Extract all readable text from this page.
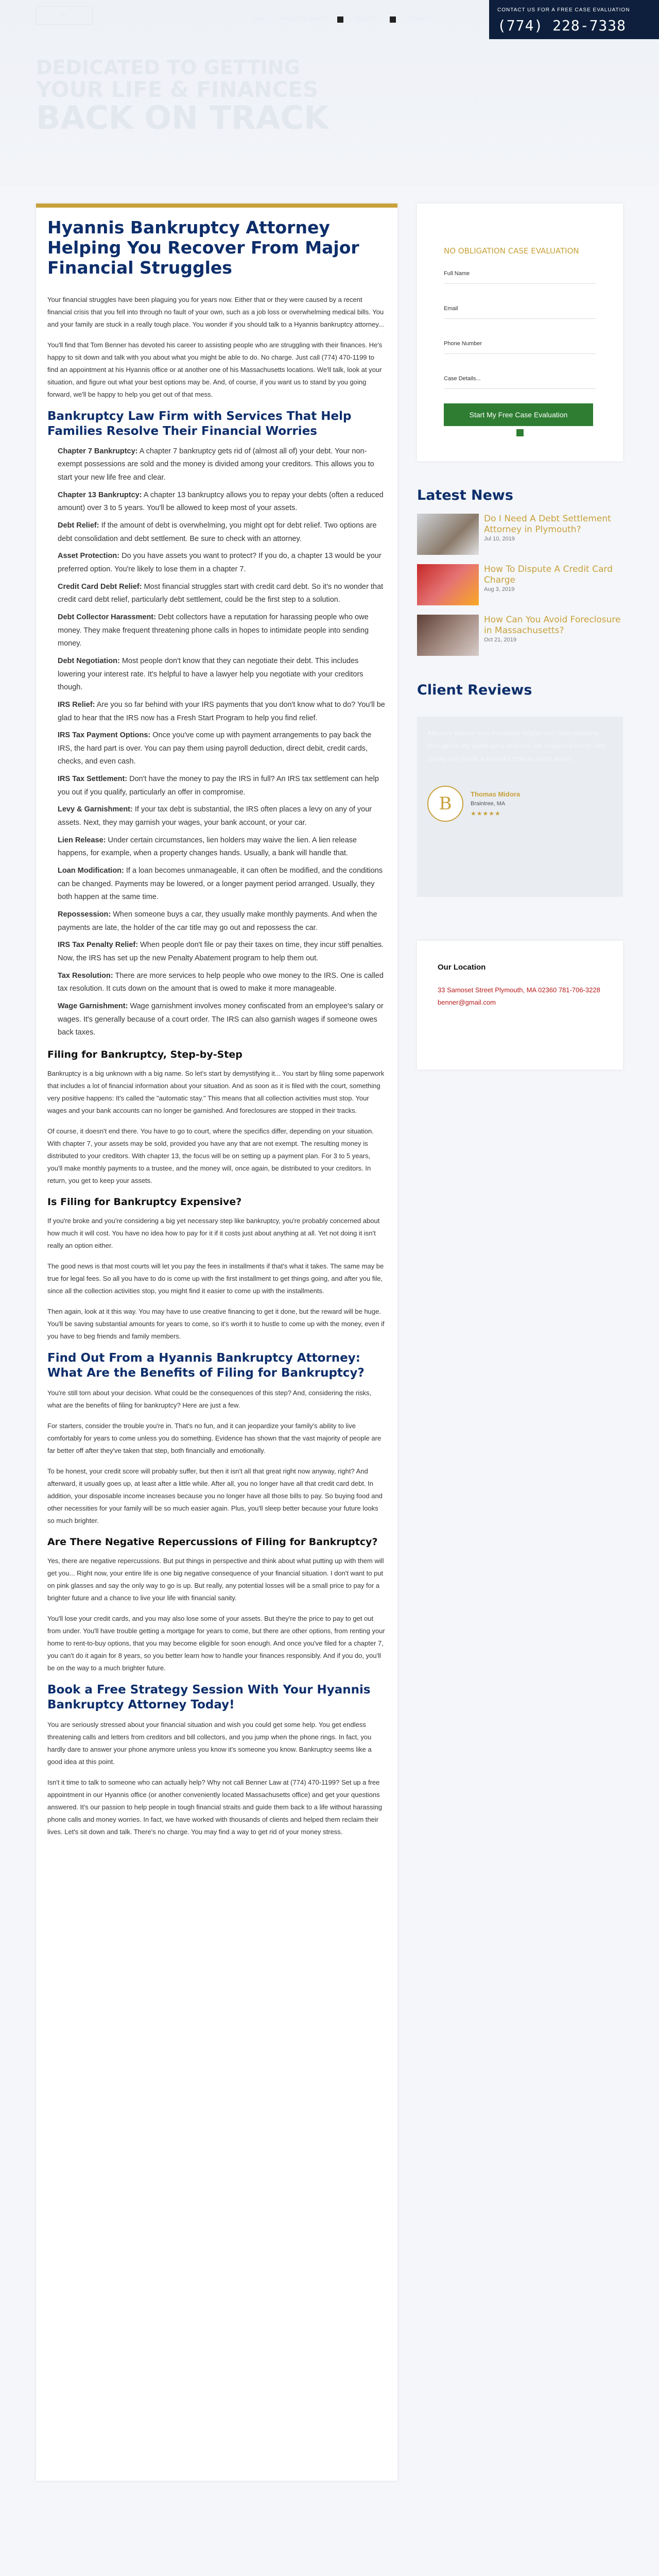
B	ABOUT PRACTICE AREAS	RESULTS	CONTACT
CONTACT US FOR A FREE CASE EVALUATION
(774) 228-7338
DEDICATED TO GETTING
YOUR LIFE & FINANCES
BACK ON TRACK
Hyannis Bankruptcy Attorney Helping You Recover From Major Financial Struggles

Your financial struggles have been plaguing you for years now. Either that or they were caused by a recent financial crisis that you fell into through no fault of your own, such as a job loss or overwhelming medical bills. You and your family are stuck in a really tough place. You wonder if you should talk to a Hyannis bankruptcy attorney...

You'll find that Tom Benner has devoted his career to assisting people who are struggling with their finances. He's happy to sit down and talk with you about what you might be able to do. No charge. Just call (774) 470-1199 to find an appointment at his Hyannis office or at another one of his Massachusetts locations. We'll talk, look at your situation, and figure out what your best options may be. And, of course, if you want us to stand by you going forward, we'll be happy to help you get out of that mess.

Bankruptcy Law Firm with Services That Help Families Resolve Their Financial Worries

Chapter 7 Bankruptcy: A chapter 7 bankruptcy gets rid of (almost all of) your debt. Your non-exempt possessions are sold and the money is divided among your creditors. This allows you to start your new life free and clear.

Chapter 13 Bankruptcy: A chapter 13 bankruptcy allows you to repay your debts (often a reduced amount) over 3 to 5 years. You'll be allowed to keep most of your assets.

Debt Relief: If the amount of debt is overwhelming, you might opt for debt relief. Two options are debt consolidation and debt settlement. Be sure to check with an attorney.

Asset Protection: Do you have assets you want to protect? If you do, a chapter 13 would be your preferred option. You're likely to lose them in a chapter 7.

Credit Card Debt Relief: Most financial struggles start with credit card debt. So it's no wonder that credit card debt relief, particularly debt settlement, could be the first step to a solution.

Debt Collector Harassment: Debt collectors have a reputation for harassing people who owe money. They make frequent threatening phone calls in hopes to intimidate people into sending money.

Debt Negotiation: Most people don't know that they can negotiate their debt. This includes lowering your interest rate. It's helpful to have a lawyer help you negotiate with your creditors though.

IRS Relief: Are you so far behind with your IRS payments that you don't know what to do? You'll be glad to hear that the IRS now has a Fresh Start Program to help you find relief.

IRS Tax Payment Options: Once you've come up with payment arrangements to pay back the IRS, the hard part is over. You can pay them using payroll deduction, direct debit, credit cards, checks, and even cash.

IRS Tax Settlement: Don't have the money to pay the IRS in full? An IRS tax settlement can help you out if you qualify, particularly an offer in compromise.

Levy & Garnishment: If your tax debt is substantial, the IRS often places a levy on any of your assets. Next, they may garnish your wages, your bank account, or your car.

Lien Release: Under certain circumstances, lien holders may waive the lien. A lien release happens, for example, when a property changes hands. Usually, a bank will handle that.

Loan Modification: If a loan becomes unmanageable, it can often be modified, and the conditions can be changed. Payments may be lowered, or a longer payment period arranged. Usually, they both happen at the same time.

Repossession: When someone buys a car, they usually make monthly payments. And when the payments are late, the holder of the car title may go out and repossess the car.

IRS Tax Penalty Relief: When people don't file or pay their taxes on time, they incur stiff penalties. Now, the IRS has set up the new Penalty Abatement program to help them out.

Tax Resolution: There are more services to help people who owe money to the IRS. One is called tax resolution. It cuts down on the amount that is owed to make it more manageable.

Wage Garnishment: Wage garnishment involves money confiscated from an employee's salary or wages. It's generally because of a court order. The IRS can also garnish wages if someone owes back taxes.

Filing for Bankruptcy, Step-by-Step

Bankruptcy is a big unknown with a big name. So let's start by demystifying it... You start by filing some paperwork that includes a lot of financial information about your situation. And as soon as it is filed with the court, something very positive happens: It's called the "automatic stay." This means that all collection activities must stop. Your wages and your bank accounts can no longer be garnished. And foreclosures are stopped in their tracks.

Of course, it doesn't end there. You have to go to court, where the specifics differ, depending on your situation. With chapter 7, your assets may be sold, provided you have any that are not exempt. The resulting money is distributed to your creditors. With chapter 13, the focus will be on setting up a payment plan. For 3 to 5 years, you'll make monthly payments to a trustee, and the money will, once again, be distributed to your creditors. In return, you get to keep your assets.

Is Filing for Bankruptcy Expensive?

If you're broke and you're considering a big yet necessary step like bankruptcy, you're probably concerned about how much it will cost. You have no idea how to pay for it if it costs just about anything at all. Yet not doing it isn't really an option either.

The good news is that most courts will let you pay the fees in installments if that's what it takes. The same may be true for legal fees. So all you have to do is come up with the first installment to get things going, and after you file, since all the collection activities stop, you might find it easier to come up with the installments.

Then again, look at it this way. You may have to use creative financing to get it done, but the reward will be huge. You'll be saving substantial amounts for years to come, so it's worth it to hustle to come up with the money, even if you have to beg friends and family members.

Find Out From a Hyannis Bankruptcy Attorney: What Are the Benefits of Filing for Bankruptcy?

You're still torn about your decision. What could be the consequences of this step? And, considering the risks, what are the benefits of filing for bankruptcy? Here are just a few.

For starters, consider the trouble you're in. That's no fun, and it can jeopardize your family's ability to live comfortably for years to come unless you do something. Evidence has shown that the vast majority of people are far better off after they've taken that step, both financially and emotionally.

To be honest, your credit score will probably suffer, but then it isn't all that great right now anyway, right? And afterward, it usually goes up, at least after a little while. After all, you no longer have all that credit card debt. In addition, your disposable income increases because you no longer have all those bills to pay. So buying food and other necessities for your family will be so much easier again. Plus, you'll sleep better because your future looks so much brighter.

Are There Negative Repercussions of Filing for Bankruptcy?

Yes, there are negative repercussions. But put things in perspective and think about what putting up with them will get you... Right now, your entire life is one big negative consequence of your financial situation. I don't want to put on pink glasses and say the only way to go is up. But really, any potential losses will be a small price to pay for a brighter future and a chance to live your life with financial sanity.

You'll lose your credit cards, and you may also lose some of your assets. But they're the price to pay to get out from under. You'll have trouble getting a mortgage for years to come, but there are other options, from renting your home to rent-to-buy options, that you may become eligible for soon enough. And once you've filed for a chapter 7, you can't do it again for 8 years, so you better learn how to handle your finances responsibly. And if you do, you'll be on the way to a much brighter future.

Book a Free Strategy Session With Your Hyannis Bankruptcy Attorney Today!

You are seriously stressed about your financial situation and wish you could get some help. You get endless threatening calls and letters from creditors and bill collectors, and you jump when the phone rings. In fact, you hardly dare to answer your phone anymore unless you know it's someone you know. Bankruptcy seems like a good idea at this point.

Isn't it time to talk to someone who can actually help? Why not call Benner Law at (774) 470-1199? Set up a free appointment in our Hyannis office (or another conveniently located Massachusetts office) and get your questions answered. It's our passion to help people in tough financial straits and guide them back to a life without harassing phone calls and money worries. In fact, we have worked with thousands of clients and helped them reclaim their lives. Let's sit down and talk. There's no charge. You may find a way to get rid of your money stress.

NO OBLIGATION CASE EVALUATION
Full Name
Email
Phone Number
Case Details...
Start My Free Case Evaluation
Latest News
Do I Need A Debt Settlement Attorney in Plymouth?
Jul 10, 2019
How To Dispute A Credit Card Charge
Aug 3, 2019
How Can You Avoid Foreclosure in Massachusetts?
Oct 21, 2019
Client Reviews
Attorney Benner was incredibly helpful and understanding throughout my bankruptcy process. He explained every step clearly and made a stressful time so much easier.
B	Thomas Midora
Braintree, MA
★★★★★
Our Location
33 Samoset Street Plymouth, MA 02360 781-706-3228 benner@gmail.com
